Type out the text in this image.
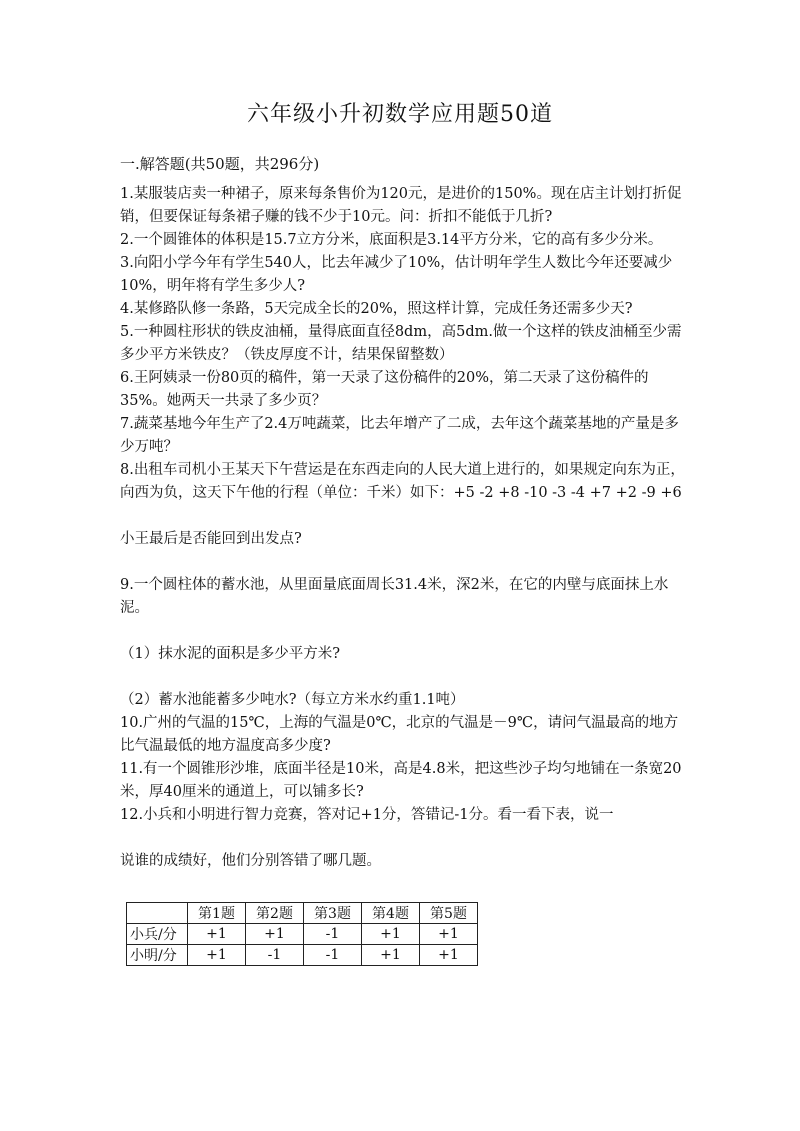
六年级小升初数学应用题50道
一.解答题(共50题，共296分)

1.某服装店卖一种裙子，原来每条售价为120元，是进价的150%。现在店主计划打折促销，但要保证每条裙子赚的钱不少于10元。问：折扣不能低于几折?

2.一个圆锥体的体积是15.7立方分米，底面积是3.14平方分米，它的高有多少分米。

3.向阳小学今年有学生540人，比去年减少了10%，估计明年学生人数比今年还要减少10%，明年将有学生多少人?

4.某修路队修一条路，5天完成全长的20%，照这样计算，完成任务还需多少天?

5.一种圆柱形状的铁皮油桶，量得底面直径8dm，高5dm.做一个这样的铁皮油桶至少需多少平方米铁皮？（铁皮厚度不计，结果保留整数）

6.王阿姨录一份80页的稿件，第一天录了这份稿件的20%，第二天录了这份稿件的35%。她两天一共录了多少页？

7.蔬菜基地今年生产了2.4万吨蔬菜，比去年增产了二成，去年这个蔬菜基地的产量是多少万吨？

8.出租车司机小王某天下午营运是在东西走向的人民大道上进行的，如果规定向东为正，向西为负，这天下午他的行程（单位：千米）如下：+5 -2 +8 -10 -3 -4 +7 +2 -9 +6

小王最后是否能回到出发点?

9.一个圆柱体的蓄水池，从里面量底面周长31.4米，深2米，在它的内壁与底面抹上水泥。

（1）抹水泥的面积是多少平方米?

（2）蓄水池能蓄多少吨水?（每立方米水约重1.1吨）

10.广州的气温的15℃，上海的气温是0℃，北京的气温是－9℃，请问气温最高的地方比气温最低的地方温度高多少度?

11.有一个圆锥形沙堆，底面半径是10米，高是4.8米，把这些沙子均匀地铺在一条宽20米，厚40厘米的通道上，可以铺多长?

12.小兵和小明进行智力竞赛，答对记+1分，答错记-1分。看一看下表，说一

说谁的成绩好，他们分别答错了哪几题。

	第1题	第2题	第3题	第4题	第5题
小兵/分	+1	+1	-1	+1	+1
小明/分	+1	-1	-1	+1	+1
